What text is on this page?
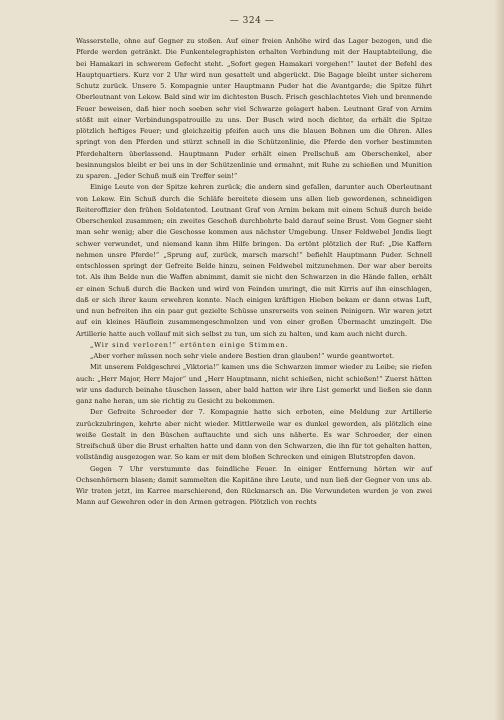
— 324 —

Wasserstelle, ohne auf Gegner zu stoßen. Auf einer freien Anhöhe wird das Lager bezogen, und die Pferde werden getränkt. Die Funkentelegraphisten erhalten Verbindung mit der Hauptabteilung, die bei Hamakari in schwerem Gefecht steht. „Sofort gegen Hamakari vorgehen!“ lautet der Befehl des Hauptquartiers. Kurz vor 2 Uhr wird nun gesattelt und abgerückt. Die Bagage bleibt unter sicherem Schutz zurück. Unsere 5. Kompagnie unter Hauptmann Puder hat die Avantgarde; die Spitze führt Oberleutnant von Lekow. Bald sind wir im dichtesten Busch. Frisch geschlachtetes Vieh und brennende Feuer beweisen, daß hier noch soeben sehr viel Schwarze gelagert haben. Leutnant Graf von Arnim stößt mit einer Verbindungspatrouille zu uns. Der Busch wird noch dichter, da erhält die Spitze plötzlich heftiges Feuer; und gleichzeitig pfeifen auch uns die blauen Bohnen um die Ohren. Alles springt von den Pferden und stürzt schnell in die Schützenlinie, die Pferde den vorher bestimmten Pferdehaltern überlassend. Hauptmann Puder erhält einen Prellschuß am Oberschenkel, aber besinnungslos bleibt er bei uns in der Schützenlinie und ermahnt, mit Ruhe zu schießen und Munition zu sparen. „Jeder Schuß muß ein Treffer sein!“

Einige Leute von der Spitze kehren zurück; die andern sind gefallen, darunter auch Oberleutnant von Lekow. Ein Schuß durch die Schläfe bereitete diesem uns allen lieb gewordenen, schneidigen Reiteroffizier den frühen Soldatentod. Leutnant Graf von Arnim bekam mit einem Schuß durch beide Oberschenkel zusammen; ein zweites Geschoß durchbohrte bald darauf seine Brust. Vom Gegner sieht man sehr wenig; aber die Geschosse kommen aus nächster Umgebung. Unser Feldwebel Jendis liegt schwer verwundet, und niemand kann ihm Hilfe bringen. Da ertönt plötzlich der Ruf: „Die Kaffern nehmen unsre Pferde!“ „Sprung auf, zurück, marsch marsch!“ befiehlt Hauptmann Puder. Schnell entschlossen springt der Gefreite Belde hinzu, seinen Feldwebel mitzunehmen. Der war aber bereits tot. Als ihm Belde nun die Waffen abnimmt, damit sie nicht den Schwarzen in die Hände fallen, erhält er einen Schuß durch die Backen und wird von Feinden umringt, die mit Kirris auf ihn einschlagen, daß er sich ihrer kaum erwehren konnte. Nach einigen kräftigen Hieben bekam er dann etwas Luft, und nun befreiten ihn ein paar gut gezielte Schüsse unsrerseits von seinen Peinigern. Wir waren jetzt auf ein kleines Häuflein zusammengeschmolzen und von einer großen Übermacht umzingelt. Die Artillerie hatte auch vollauf mit sich selbst zu tun, um sich zu halten, und kam auch nicht durch.

„Wir sind verloren!“ ertönten einige Stimmen.

„Aber vorher müssen noch sehr viele andere Bestien dran glauben!“ wurde geantwortet.

Mit unserem Feldgeschrei „Viktoria!“ kamen uns die Schwarzen immer wieder zu Leibe; sie riefen auch: „Herr Major, Herr Major“ und „Herr Hauptmann, nicht schießen, nicht schießen!“ Zuerst hätten wir uns dadurch beinahe täuschen lassen, aber bald hatten wir ihre List gemerkt und ließen sie dann ganz nahe heran, um sie richtig zu Gesicht zu bekommen.

Der Gefreite Schroeder der 7. Kompagnie hatte sich erboten, eine Meldung zur Artillerie zurückzubringen, kehrte aber nicht wieder. Mittlerweile war es dunkel geworden, als plötzlich eine weiße Gestalt in den Büschen auftauchte und sich uns näherte. Es war Schroeder, der einen Streifschuß über die Brust erhalten hatte und dann von den Schwarzen, die ihn für tot gehalten hatten, vollständig ausgezogen war. So kam er mit dem bloßen Schrecken und einigen Blutstropfen davon.

Gegen 7 Uhr verstummte das feindliche Feuer. In einiger Entfernung hörten wir auf Ochsenhörnern blasen; damit sammelten die Kapitäne ihre Leute, und nun ließ der Gegner von uns ab. Wir traten jetzt, im Karree marschierend, den Rückmarsch an. Die Verwundeten wurden je von zwei Mann auf Gewehren oder in den Armen getragen. Plötzlich von rechts
